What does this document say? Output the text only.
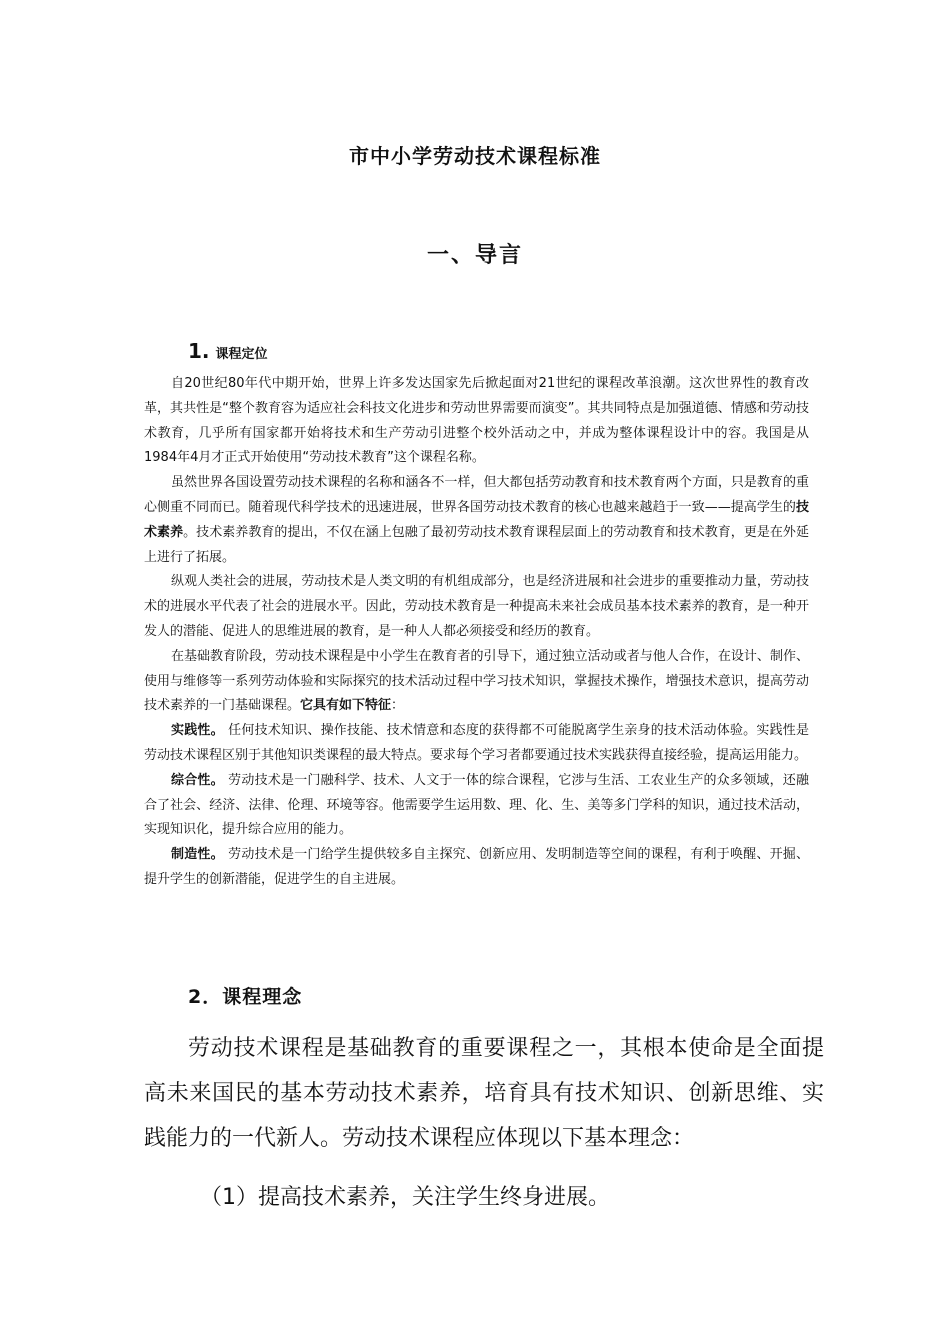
市中小学劳动技术课程标准
一、导言
1. 课程定位

自20世纪80年代中期开始，世界上许多发达国家先后掀起面对21世纪的课程改革浪潮。这次世界性的教育改革，其共性是“整个教育容为适应社会科技文化进步和劳动世界需要而演变”。其共同特点是加强道德、情感和劳动技术教育，几乎所有国家都开始将技术和生产劳动引进整个校外活动之中，并成为整体课程设计中的容。我国是从1984年4月才正式开始使用“劳动技术教育”这个课程名称。

虽然世界各国设置劳动技术课程的名称和涵各不一样，但大都包括劳动教育和技术教育两个方面，只是教育的重心侧重不同而已。随着现代科学技术的迅速进展，世界各国劳动技术教育的核心也越来越趋于一致——提高学生的技术素养。技术素养教育的提出，不仅在涵上包融了最初劳动技术教育课程层面上的劳动教育和技术教育，更是在外延上进行了拓展。

纵观人类社会的进展，劳动技术是人类文明的有机组成部分，也是经济进展和社会进步的重要推动力量，劳动技术的进展水平代表了社会的进展水平。因此，劳动技术教育是一种提高未来社会成员基本技术素养的教育，是一种开发人的潜能、促进人的思维进展的教育，是一种人人都必须接受和经历的教育。

在基础教育阶段，劳动技术课程是中小学生在教育者的引导下，通过独立活动或者与他人合作，在设计、制作、使用与维修等一系列劳动体验和实际探究的技术活动过程中学习技术知识，掌握技术操作，增强技术意识，提高劳动技术素养的一门基础课程。它具有如下特征：

实践性。 任何技术知识、操作技能、技术情意和态度的获得都不可能脱离学生亲身的技术活动体验。实践性是劳动技术课程区别于其他知识类课程的最大特点。要求每个学习者都要通过技术实践获得直接经验，提高运用能力。

综合性。 劳动技术是一门融科学、技术、人文于一体的综合课程，它涉与生活、工农业生产的众多领域，还融合了社会、经济、法律、伦理、环境等容。他需要学生运用数、理、化、生、美等多门学科的知识，通过技术活动，实现知识化，提升综合应用的能力。

制造性。 劳动技术是一门给学生提供较多自主探究、创新应用、发明制造等空间的课程，有利于唤醒、开掘、提升学生的创新潜能，促进学生的自主进展。

2．课程理念

劳动技术课程是基础教育的重要课程之一，其根本使命是全面提高未来国民的基本劳动技术素养，培育具有技术知识、创新思维、实践能力的一代新人。劳动技术课程应体现以下基本理念：

（1）提高技术素养，关注学生终身进展。
